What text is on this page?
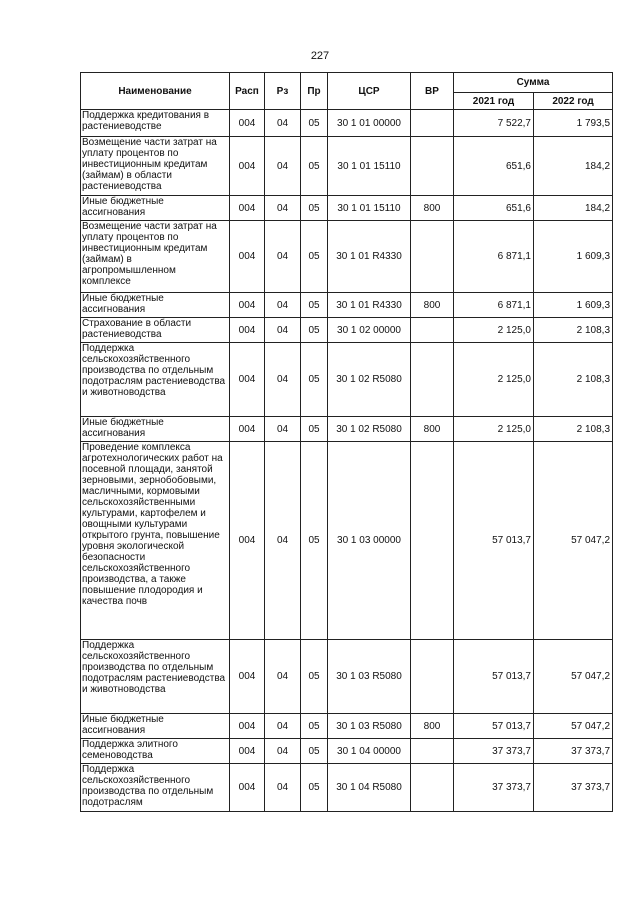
227
Наименование	Расп	Рз	Пр	ЦСР	ВР	Сумма	
						2021 год	2022 год
Поддержка кредитования в растениеводстве	004	04	05	30 1 01 00000		7 522,7	1 793,5
Возмещение части затрат на уплату процентов по инвестиционным кредитам (займам) в области растениеводства	004	04	05	30 1 01 15110		651,6	184,2
Иные бюджетные ассигнования	004	04	05	30 1 01 15110	800	651,6	184,2
Возмещение части затрат на уплату процентов по инвестиционным кредитам (займам) в агропромышленном комплексе	004	04	05	30 1 01 R4330		6 871,1	1 609,3
Иные бюджетные ассигнования	004	04	05	30 1 01 R4330	800	6 871,1	1 609,3
Страхование в области растениеводства	004	04	05	30 1 02 00000		2 125,0	2 108,3
Поддержка сельскохозяйственного производства по отдельным подотраслям растениеводства и животноводства	004	04	05	30 1 02 R5080		2 125,0	2 108,3
Иные бюджетные ассигнования	004	04	05	30 1 02 R5080	800	2 125,0	2 108,3
Проведение комплекса агротехнологических работ на посевной площади, занятой зерновыми, зернобобовыми, масличными, кормовыми сельскохозяйственными культурами, картофелем и овощными культурами открытого грунта, повышение уровня экологической безопасности сельскохозяйственного производства, а также повышение плодородия и качества почв	004	04	05	30 1 03 00000		57 013,7	57 047,2
Поддержка сельскохозяйственного производства по отдельным подотраслям растениеводства и животноводства	004	04	05	30 1 03 R5080		57 013,7	57 047,2
Иные бюджетные ассигнования	004	04	05	30 1 03 R5080	800	57 013,7	57 047,2
Поддержка элитного семеноводства	004	04	05	30 1 04 00000		37 373,7	37 373,7
Поддержка сельскохозяйственного производства по отдельным подотраслям	004	04	05	30 1 04 R5080		37 373,7	37 373,7
